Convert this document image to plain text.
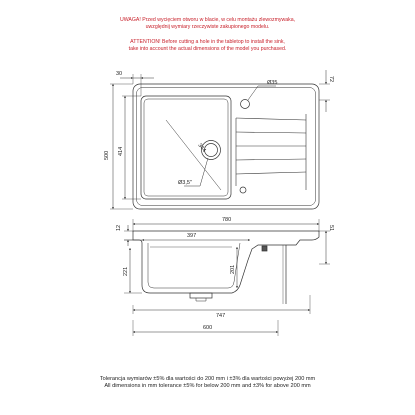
UWAGA! Przed wycięciem otworu w blacie, w celu montażu zlewozmywaka,
uwzględnij wymiary rzeczywiste zakupionego modelu.
ATTENTION! Before cutting a hole in the tabletop to install the sink,
take into account the actual dimensions of the model you purchased.
30
72
Ø35
500 414	344
Ø3,5"
780
12	51
397
221	201
747
600
Tolerancja wymiarów ±5% dla wartości do 200 mm i ±3% dla wartości powyżej 200 mm
All dimensions in mm tolerance ±5% for below 200 mm and ±3% for above 200 mm
